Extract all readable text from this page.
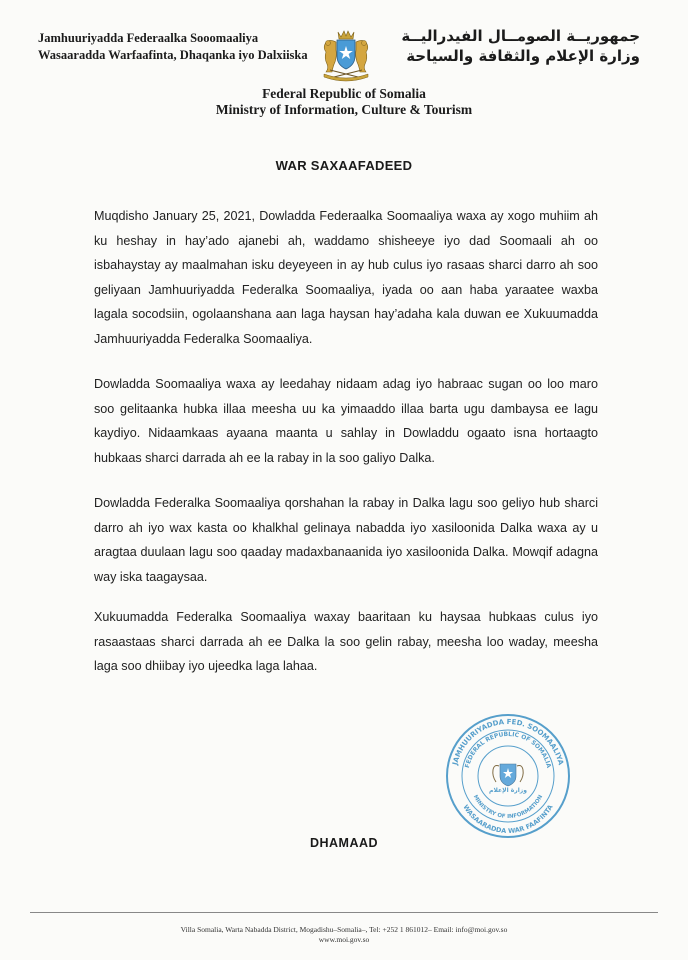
Jamhuuriyadda Federaalka Sooomaaliya
Wasaaradda Warfaafinta, Dhaqanka iyo Dalxiiska
جمهوريــة الصومــال الفيدراليــة
وزارة الإعلام والثقافة والسياحة
Federal Republic of Somalia
Ministry of Information, Culture & Tourism
WAR SAXAAFADEED
Muqdisho January 25, 2021, Dowladda Federaalka Soomaaliya waxa ay xogo muhiim ah ku heshay in hay’ado ajanebi ah, waddamo shisheeye iyo dad Soomaali ah oo isbahaystay ay maalmahan isku deyeyeen in ay hub culus iyo rasaas sharci darro ah soo geliyaan Jamhuuriyadda Federalka Soomaaliya, iyada oo aan haba yaraatee waxba lagala socodsiin, ogolaanshana aan laga haysan hay’adaha kala duwan ee Xukuumadda Jamhuuriyadda Federalka Soomaaliya.
Dowladda Soomaaliya waxa ay leedahay nidaam adag iyo habraac sugan oo loo maro soo gelitaanka hubka illaa meesha uu ka yimaaddo illaa barta ugu dambaysa ee lagu kaydiyo. Nidaamkaas ayaana maanta u sahlay in Dowladdu ogaato isna hortaagto hubkaas sharci darrada ah ee la rabay in la soo galiyo Dalka.
Dowladda Federalka Soomaaliya qorshahan la rabay in Dalka lagu soo geliyo hub sharci darro ah iyo wax kasta oo khalkhal gelinaya nabadda iyo xasiloonida Dalka waxa ay u aragtaa duulaan lagu soo qaaday madaxbanaanida iyo xasiloonida Dalka. Mowqif adagna way iska taagaysaa.
Xukuumadda Federalka Soomaaliya waxay baaritaan ku haysaa hubkaas culus iyo rasaastaas sharci darrada ah ee Dalka la soo gelin rabay, meesha loo waday, meesha laga soo dhiibay iyo ujeedka laga lahaa.
JAMHUURIYADDA FED. SOOMAALIYA
FEDERAL REPUBLIC OF SOMALIA
MINISTRY OF INFORMATION
WASAARADDA WAR FAAFINTA
وزارة الإعلام
DHAMAAD
Villa Somalia, Warta Nabadda District, Mogadishu–Somalia–, Tel: +252 1 861012– Email: info@moi.gov.so
www.moi.gov.so
